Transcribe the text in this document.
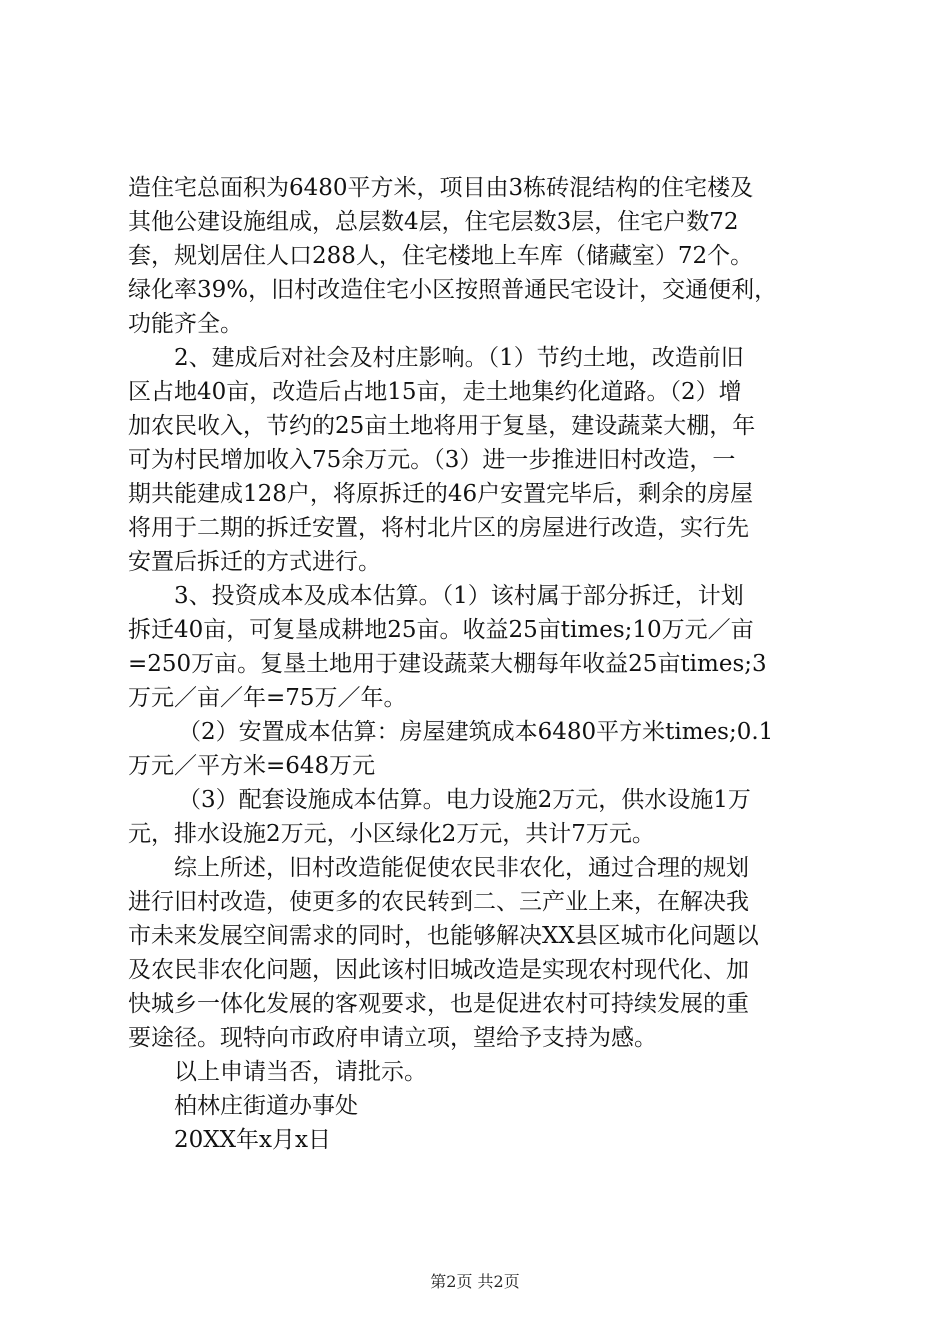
造住宅总面积为6480平方米，项目由3栋砖混结构的住宅楼及
其他公建设施组成，总层数4层，住宅层数3层，住宅户数72
套，规划居住人口288人，住宅楼地上车库（储藏室）72个。
绿化率39%，旧村改造住宅小区按照普通民宅设计，交通便利，
功能齐全。
2、建成后对社会及村庄影响。（1）节约土地，改造前旧
区占地40亩，改造后占地15亩，走土地集约化道路。（2）增
加农民收入，节约的25亩土地将用于复垦，建设蔬菜大棚，年
可为村民增加收入75余万元。（3）进一步推进旧村改造，一
期共能建成128户，将原拆迁的46户安置完毕后，剩余的房屋
将用于二期的拆迁安置，将村北片区的房屋进行改造，实行先
安置后拆迁的方式进行。
3、投资成本及成本估算。（1）该村属于部分拆迁，计划
拆迁40亩，可复垦成耕地25亩。收益25亩times;10万元／亩
=250万亩。复垦土地用于建设蔬菜大棚每年收益25亩times;3
万元／亩／年=75万／年。
（2）安置成本估算：房屋建筑成本6480平方米times;0.1
万元／平方米=648万元
（3）配套设施成本估算。电力设施2万元，供水设施1万
元，排水设施2万元，小区绿化2万元，共计7万元。
综上所述，旧村改造能促使农民非农化，通过合理的规划
进行旧村改造，使更多的农民转到二、三产业上来，在解决我
市未来发展空间需求的同时，也能够解决XX县区城市化问题以
及农民非农化问题，因此该村旧城改造是实现农村现代化、加
快城乡一体化发展的客观要求，也是促进农村可持续发展的重
要途径。现特向市政府申请立项，望给予支持为感。
以上申请当否，请批示。
柏林庄街道办事处
20XX年x月x日
第2页 共2页
